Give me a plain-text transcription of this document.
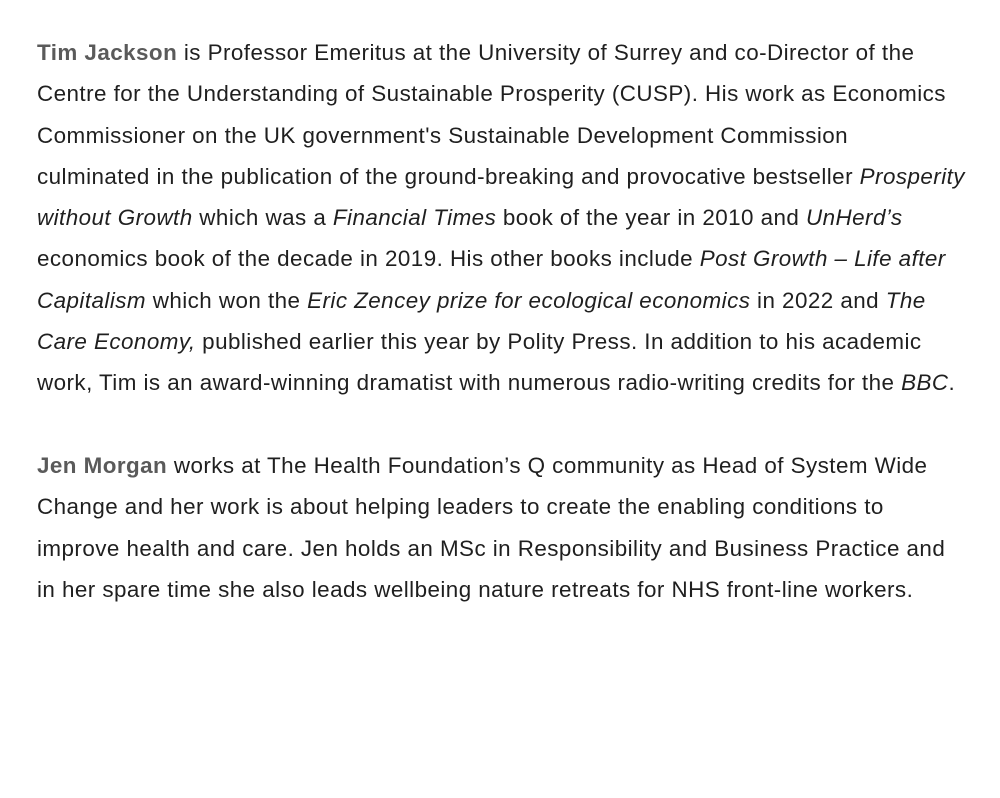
Tim Jackson is Professor Emeritus at the University of Surrey and co-Director of the Centre for the Understanding of Sustainable Prosperity (CUSP). His work as Economics Commissioner on the UK government's Sustainable Development Commission culminated in the publication of the ground-breaking and provocative bestseller Prosperity without Growth which was a Financial Times book of the year in 2010 and UnHerd’s economics book of the decade in 2019. His other books include Post Growth – Life after Capitalism which won the Eric Zencey prize for ecological economics in 2022 and The Care Economy, published earlier this year by Polity Press. In addition to his academic work, Tim is an award-winning dramatist with numerous radio-writing credits for the BBC.

Jen Morgan works at The Health Foundation’s Q community as Head of System Wide Change and her work is about helping leaders to create the enabling conditions to improve health and care. Jen holds an MSc in Responsibility and Business Practice and in her spare time she also leads wellbeing nature retreats for NHS front-line workers.
